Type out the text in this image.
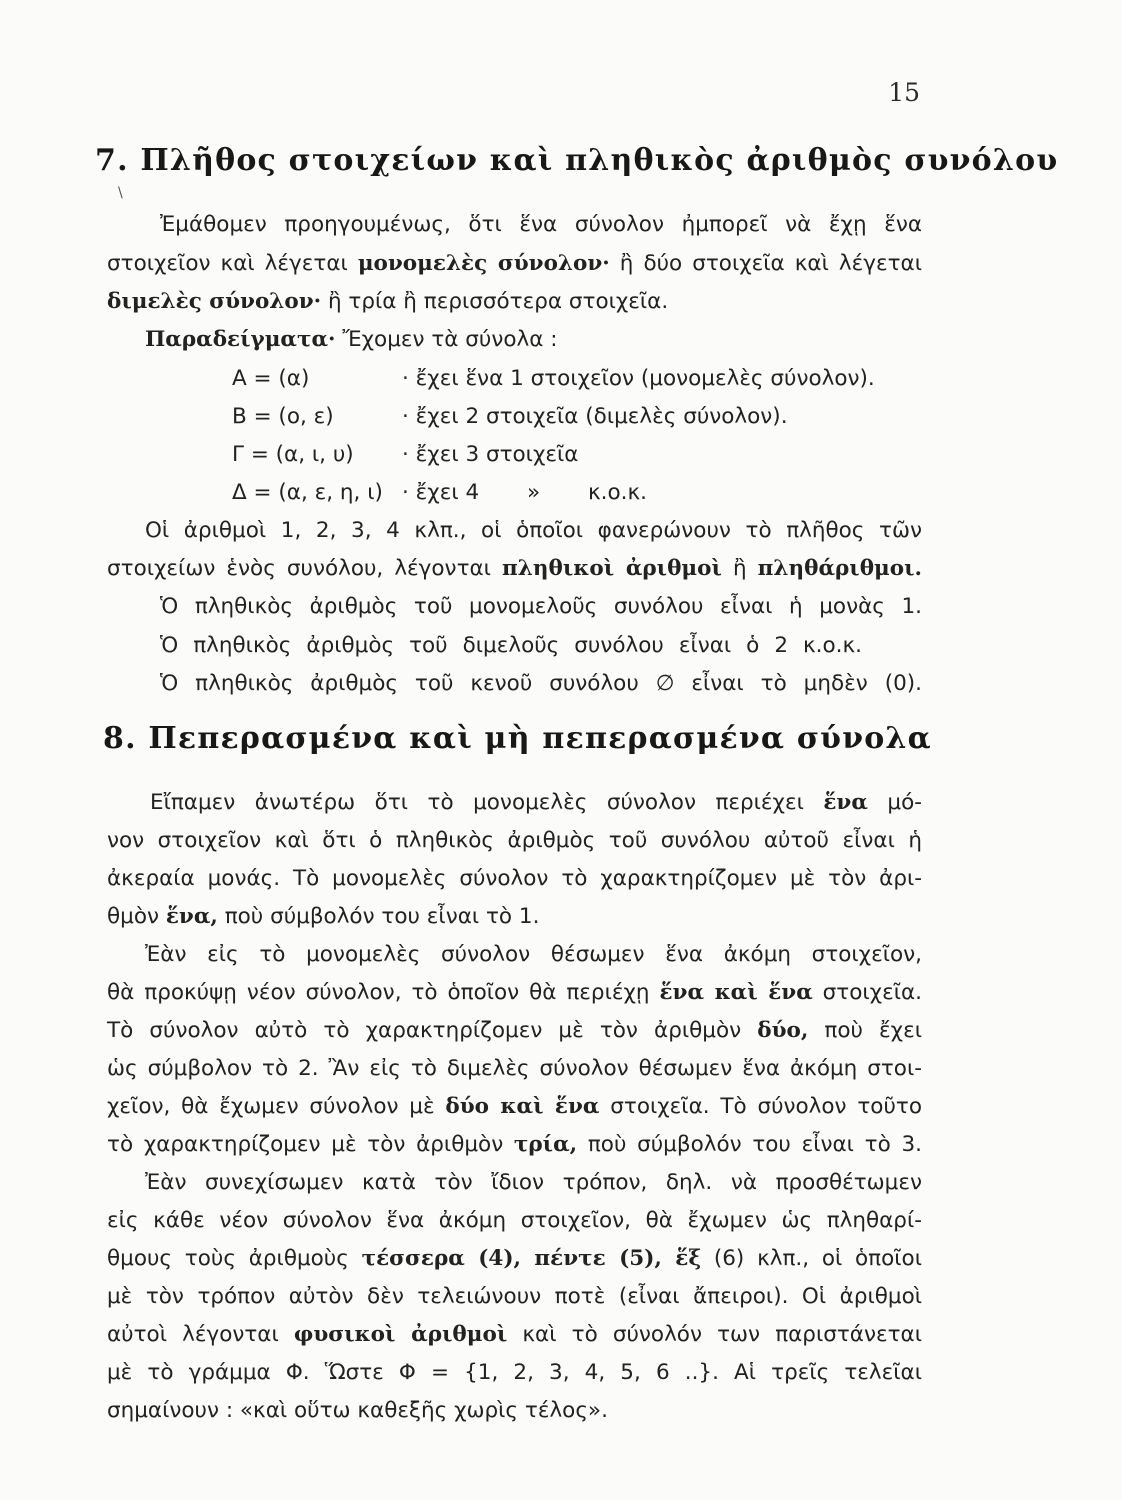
15
7. Πλῆθος στοιχείων καὶ πληθικὸς ἀριθμὸς συνόλου
\
Ἐμάθομεν προηγουμένως, ὅτι ἕνα σύνολον ἠμπορεῖ νὰ ἔχῃ ἕνα
στοιχεῖον καὶ λέγεται μονομελὲς σύνολον· ἢ δύο στοιχεῖα καὶ λέγεται
διμελὲς σύνολον· ἢ τρία ἢ περισσότερα στοιχεῖα.
Παραδείγματα· Ἔχομεν τὰ σύνολα :
Α = (α)	· ἔχει ἕνα 1 στοιχεῖον (μονομελὲς σύνολον).
Β = (ο, ε)	· ἔχει 2 στοιχεῖα (διμελὲς σύνολον).
Γ = (α, ι, υ) · ἔχει 3 στοιχεῖα
Δ = (α, ε, η, ι) · ἔχει 4       »       κ.ο.κ.
Οἱ ἀριθμοὶ 1, 2, 3, 4 κλπ., οἱ ὁποῖοι φανερώνουν τὸ πλῆθος τῶν
στοιχείων ἑνὸς συνόλου, λέγονται πληθικοὶ ἀριθμοὶ ἢ πληθάριθμοι.
Ὁ πληθικὸς ἀριθμὸς τοῦ μονομελοῦς συνόλου εἶναι ἡ μονὰς 1.
Ὁ πληθικὸς ἀριθμὸς τοῦ διμελοῦς συνόλου εἶναι ὁ 2 κ.ο.κ.
Ὁ πληθικὸς ἀριθμὸς τοῦ κενοῦ συνόλου ∅ εἶναι τὸ μηδὲν (0).
8. Πεπερασμένα καὶ μὴ πεπερασμένα σύνολα
Εἴπαμεν ἀνωτέρω ὅτι τὸ μονομελὲς σύνολον περιέχει ἕνα μό-
νον στοιχεῖον καὶ ὅτι ὁ πληθικὸς ἀριθμὸς τοῦ συνόλου αὐτοῦ εἶναι ἡ
ἀκεραία μονάς. Τὸ μονομελὲς σύνολον τὸ χαρακτηρίζομεν μὲ τὸν ἀρι-
θμὸν ἕνα, ποὺ σύμβολόν του εἶναι τὸ 1.
Ἐὰν εἰς τὸ μονομελὲς σύνολον θέσωμεν ἕνα ἀκόμη στοιχεῖον,
θὰ προκύψῃ νέον σύνολον, τὸ ὁποῖον θὰ περιέχῃ ἕνα καὶ ἕνα στοιχεῖα.
Τὸ σύνολον αὐτὸ τὸ χαρακτηρίζομεν μὲ τὸν ἀριθμὸν δύο, ποὺ ἔχει
ὡς σύμβολον τὸ 2. Ἂν εἰς τὸ διμελὲς σύνολον θέσωμεν ἕνα ἀκόμη στοι-
χεῖον, θὰ ἔχωμεν σύνολον μὲ δύο καὶ ἕνα στοιχεῖα. Τὸ σύνολον τοῦτο
τὸ χαρακτηρίζομεν μὲ τὸν ἀριθμὸν τρία, ποὺ σύμβολόν του εἶναι τὸ 3.
Ἐὰν συνεχίσωμεν κατὰ τὸν ἴδιον τρόπον, δηλ. νὰ προσθέτωμεν
εἰς κάθε νέον σύνολον ἕνα ἀκόμη στοιχεῖον, θὰ ἔχωμεν ὡς πληθαρί-
θμους τοὺς ἀριθμοὺς τέσσερα (4), πέντε (5), ἕξ (6) κλπ., οἱ ὁποῖοι
μὲ τὸν τρόπον αὐτὸν δὲν τελειώνουν ποτὲ (εἶναι ἄπειροι). Οἱ ἀριθμοὶ
αὐτοὶ λέγονται φυσικοὶ ἀριθμοὶ καὶ τὸ σύνολόν των παριστάνεται
μὲ τὸ γράμμα Φ. Ὥστε Φ = {1, 2, 3, 4, 5, 6 ..}. Αἱ τρεῖς τελεῖαι
σημαίνουν : «καὶ οὕτω καθεξῆς χωρὶς τέλος».
